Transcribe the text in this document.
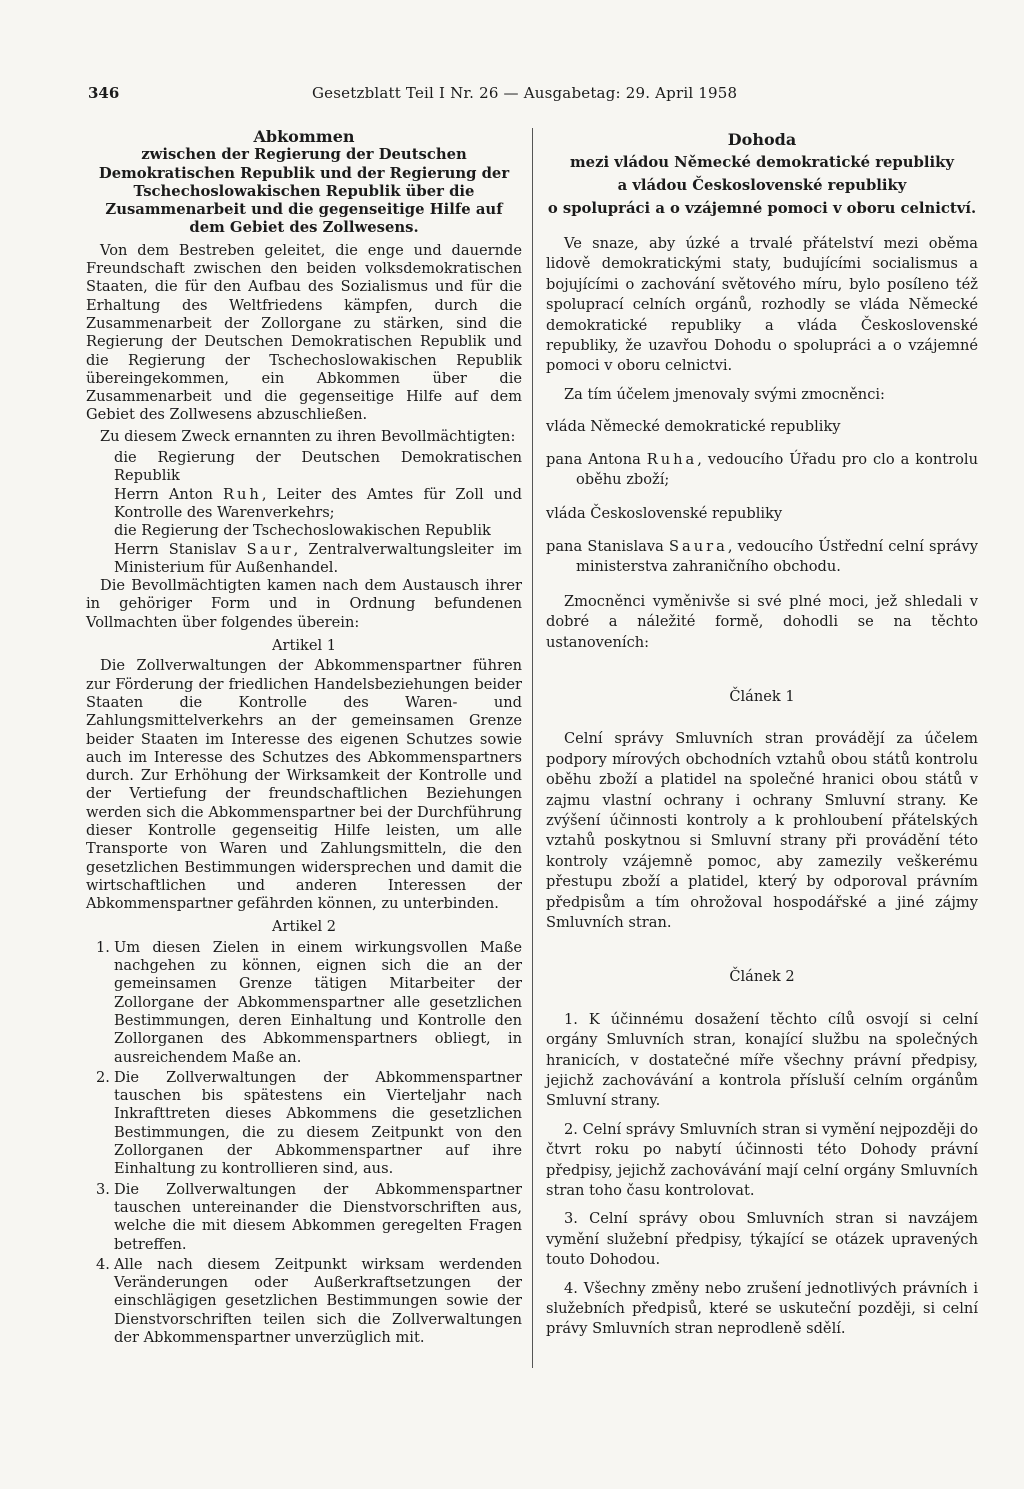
346	Gesetzblatt Teil I Nr. 26 — Ausgabetag: 29. April 1958
Abkommen
zwischen der Regierung der Deutschen Demokratischen Republik und der Regierung der Tschechoslowakischen Republik über die Zusammenarbeit und die gegenseitige Hilfe auf dem Gebiet des Zollwesens.

Von dem Bestreben geleitet, die enge und dauernde Freundschaft zwischen den beiden volksdemokratischen Staaten, die für den Aufbau des Sozialismus und für die Erhaltung des Weltfriedens kämpfen, durch die Zusammenarbeit der Zollorgane zu stärken, sind die Regierung der Deutschen Demokratischen Republik und die Regierung der Tschechoslowakischen Republik übereingekommen, ein Abkommen über die Zusammenarbeit und die gegenseitige Hilfe auf dem Gebiet des Zollwesens abzuschließen.

Zu diesem Zweck ernannten zu ihren Bevollmächtigten:

die Regierung der Deutschen Demokratischen Republik

Herrn Anton Ruh, Leiter des Amtes für Zoll und Kontrolle des Warenverkehrs;

die Regierung der Tschechoslowakischen Republik

Herrn Stanislav Saur, Zentralverwaltungsleiter im Ministerium für Außenhandel.

Die Bevollmächtigten kamen nach dem Austausch ihrer in gehöriger Form und in Ordnung befundenen Vollmachten über folgendes überein:

Artikel 1

Die Zollverwaltungen der Abkommenspartner führen zur Förderung der friedlichen Handelsbeziehungen beider Staaten die Kontrolle des Waren- und Zahlungsmittelverkehrs an der gemeinsamen Grenze beider Staaten im Interesse des eigenen Schutzes sowie auch im Interesse des Schutzes des Abkommenspartners durch. Zur Erhöhung der Wirksamkeit der Kontrolle und der Vertiefung der freundschaftlichen Beziehungen werden sich die Abkommenspartner bei der Durchführung dieser Kontrolle gegenseitig Hilfe leisten, um alle Transporte von Waren und Zahlungsmitteln, die den gesetzlichen Bestimmungen widersprechen und damit die wirtschaftlichen und anderen Interessen der Abkommenspartner gefährden können, zu unterbinden.

Artikel 2

1. Um diesen Zielen in einem wirkungsvollen Maße nachgehen zu können, eignen sich die an der gemeinsamen Grenze tätigen Mitarbeiter der Zollorgane der Abkommenspartner alle gesetzlichen Bestimmungen, deren Einhaltung und Kontrolle den Zollorganen des Abkommenspartners obliegt, in ausreichendem Maße an.
2. Die Zollverwaltungen der Abkommenspartner tauschen bis spätestens ein Vierteljahr nach Inkrafttreten dieses Abkommens die gesetzlichen Bestimmungen, die zu diesem Zeitpunkt von den Zollorganen der Abkommenspartner auf ihre Einhaltung zu kontrollieren sind, aus.
3. Die Zollverwaltungen der Abkommenspartner tauschen untereinander die Dienstvorschriften aus, welche die mit diesem Abkommen geregelten Fragen betreffen.
4. Alle nach diesem Zeitpunkt wirksam werdenden Veränderungen oder Außerkraftsetzungen der einschlägigen gesetzlichen Bestimmungen sowie der Dienstvorschriften teilen sich die Zollverwaltungen der Abkommenspartner unverzüglich mit.
Dohoda
mezi vládou Německé demokratické republiky
a vládou Československé republiky
o spolupráci a o vzájemné pomoci v oboru celnictví.

Ve snaze, aby úzké a trvalé přátelství mezi oběma lidově demokratickými staty, budujícími socialismus a bojujícími o zachování světového míru, bylo posíleno též spoluprací celních orgánů, rozhodly se vláda Německé demokratické republiky a vláda Československé republiky, že uzavřou Dohodu o spolupráci a o vzájemné pomoci v oboru celnictvi.

Za tím účelem jmenovaly svými zmocněnci:

vláda Německé demokratické republiky

pana Antona Ruha, vedoucího Úřadu pro clo a kontrolu oběhu zboží;

vláda Československé republiky

pana Stanislava Saura, vedoucího Ústřední celní správy ministerstva zahraničního obchodu.

Zmocněnci vyměnivše si své plné moci, jež shledali v dobré a náležité formě, dohodli se na těchto ustanoveních:

Článek 1

Celní správy Smluvních stran provádějí za účelem podpory mírových obchodních vztahů obou států kontrolu oběhu zboží a platidel na společné hranici obou států v zajmu vlastní ochrany i ochrany Smluvní strany. Ke zvýšení účinnosti kontroly a k prohloubení přátelských vztahů poskytnou si Smluvní strany při provádění této kontroly vzájemně pomoc, aby zamezily veškerému přestupu zboží a platidel, který by odporoval právním předpisům a tím ohrožoval hospodářské a jiné zájmy Smluvních stran.

Článek 2

1. K účinnému dosažení těchto cílů osvojí si celní orgány Smluvních stran, konající službu na společných hranicích, v dostatečné míře všechny právní předpisy, jejichž zachovávání a kontrola přísluší celním orgánům Smluvní strany.

2. Celní správy Smluvních stran si vymění nejpozději do čtvrt roku po nabytí účinnosti této Dohody právní předpisy, jejichž zachovávání mají celní orgány Smluvních stran toho času kontrolovat.

3. Celní správy obou Smluvních stran si navzájem vymění služební předpisy, týkající se otázek upravených touto Dohodou.

4. Všechny změny nebo zrušení jednotlivých právních i služebních předpisů, které se uskuteční později, si celní právy Smluvních stran neprodleně sdělí.
